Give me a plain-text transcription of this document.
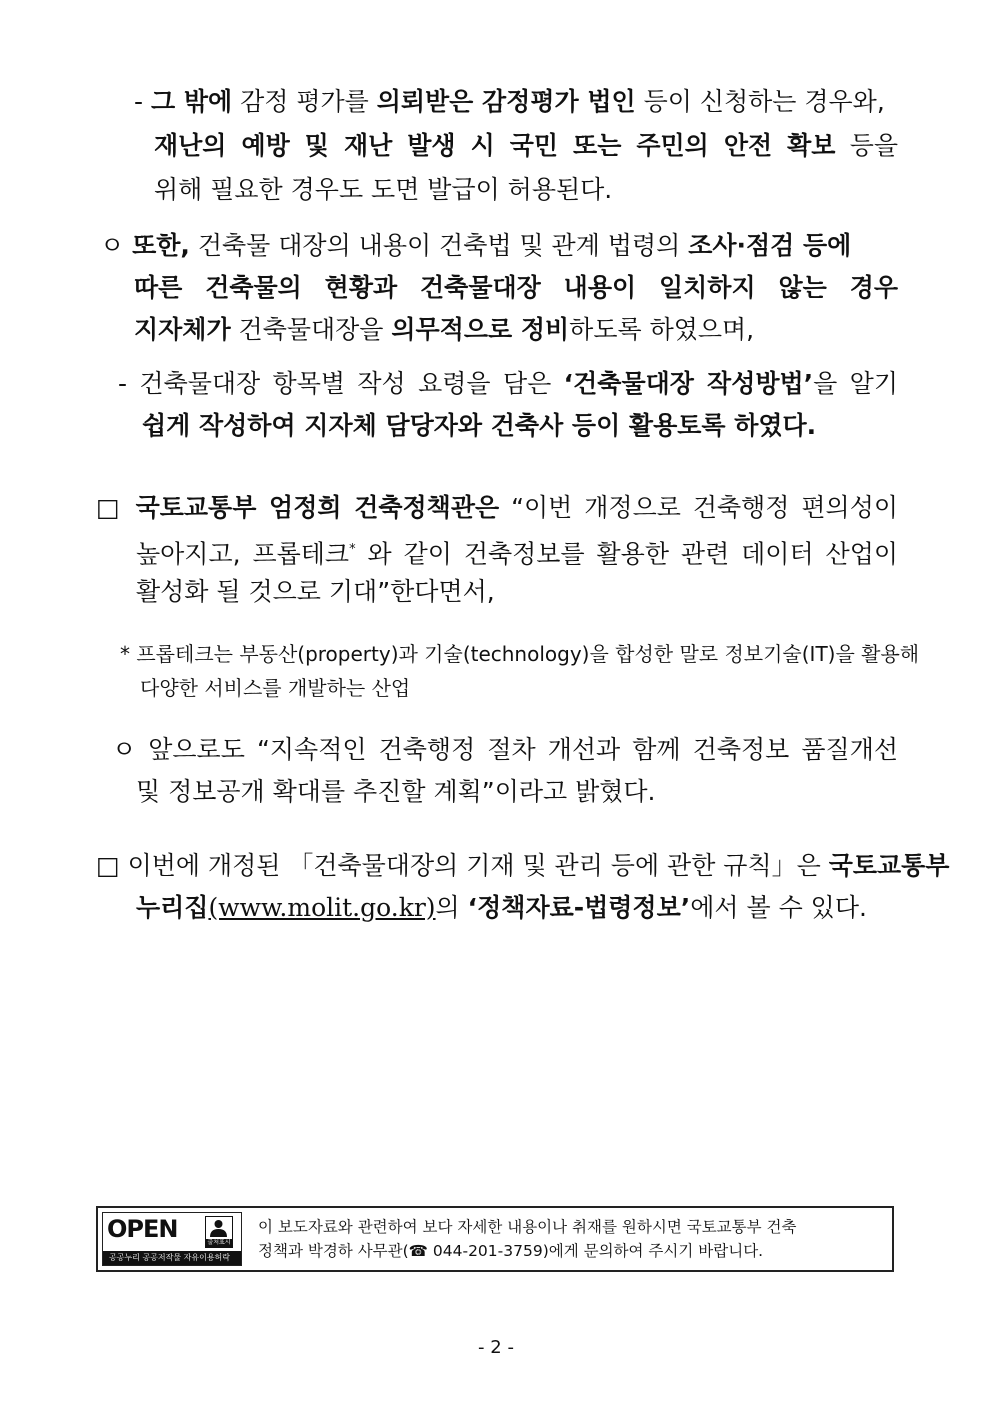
- 그 밖에 감정 평가를 의뢰받은 감정평가 법인 등이 신청하는 경우와,
재난의 예방 및 재난 발생 시 국민 또는 주민의 안전 확보 등을
위해 필요한 경우도 도면 발급이 허용된다.
ㅇ 또한, 건축물 대장의 내용이 건축법 및 관계 법령의 조사·점검 등에
따른 건축물의 현황과 건축물대장 내용이 일치하지 않는 경우
지자체가 건축물대장을 의무적으로 정비하도록 하였으며,
- 건축물대장 항목별 작성 요령을 담은 ‘건축물대장 작성방법’을 알기
쉽게 작성하여 지자체 담당자와 건축사 등이 활용토록 하였다.
□ 국토교통부 엄정희 건축정책관은 “이번 개정으로 건축행정 편의성이
높아지고, 프롭테크* 와 같이 건축정보를 활용한 관련 데이터 산업이
활성화 될 것으로 기대”한다면서,
* 프롭테크는 부동산(property)과 기술(technology)을 합성한 말로 정보기술(IT)을 활용해
다양한 서비스를 개발하는 산업
ㅇ 앞으로도 “지속적인 건축행정 절차 개선과 함께 건축정보 품질개선
및 정보공개 확대를 추진할 계획”이라고 밝혔다.
□ 이번에 개정된 「건축물대장의 기재 및 관리 등에 관한 규칙」은 국토교통부
누리집(www.molit.go.kr)의 ‘정책자료-법령정보’에서 볼 수 있다.
OPEN	출처표시
공공누리 공공저작물 자유이용허락
이 보도자료와 관련하여 보다 자세한 내용이나 취재를 원하시면 국토교통부 건축
정책과 박경하 사무관(☎ 044-201-3759)에게 문의하여 주시기 바랍니다.
- 2 -
